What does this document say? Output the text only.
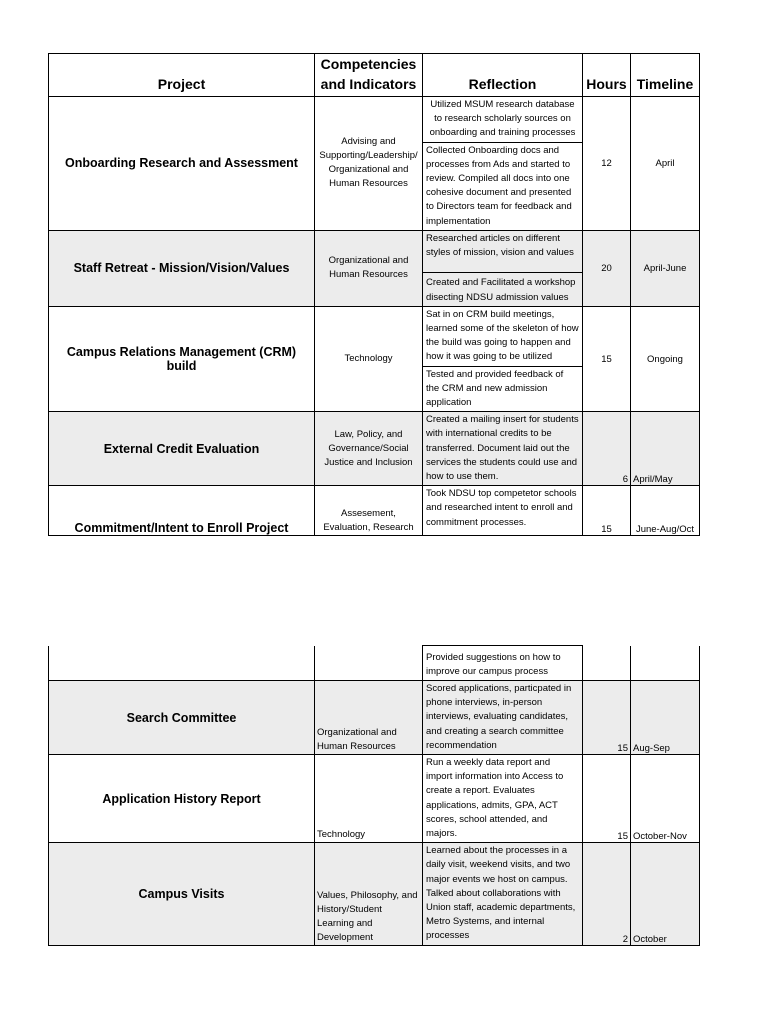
Project	Competencies and Indicators	Reflection	Hours	Timeline
Onboarding Research and Assessment	Advising and Supporting/Leadership/ Organizational and Human Resources	Utilized MSUM research database to research scholarly sources on onboarding and training processes	12	April
		Collected Onboarding docs and processes from Ads and started to review. Compiled all docs into one cohesive document and presented to Directors team for feedback and implementation		
Staff Retreat - Mission/Vision/Values	Organizational and Human Resources	Researched articles on different styles of mission, vision and values	20	April-June
		Created and Facilitated a workshop disecting NDSU admission values		
Campus Relations Management (CRM) build	Technology	Sat in on CRM build meetings, learned some of the skeleton of how the build was going to happen and how it was going to be utilized	15	Ongoing
		Tested and provided feedback of the CRM and new admission application		
External Credit Evaluation	Law, Policy, and Governance/Social Justice and Inclusion	Created a mailing insert for students with international credits to be transferred. Document laid out the services the students could use and how to use them.	6	April/May
Commitment/Intent to Enroll Project	Assesement, Evaluation, Research	Took NDSU top competetor schools and researched intent to enroll and commitment processes.	15	June-Aug/Oct
		Provided suggestions on how to improve our campus process		
Search Committee	Organizational and Human Resources	Scored applications, particpated in phone interviews, in-person interviews, evaluating candidates, and creating a search committee recommendation	15	Aug-Sep
Application History Report	Technology	Run a weekly data report and import information into Access to create a report. Evaluates applications, admits, GPA, ACT scores, school attended, and majors.	15	October-Nov
Campus Visits	Values, Philosophy, and History/Student Learning and Development	Learned about the processes in a daily visit, weekend visits, and two major events we host on campus. Talked about collaborations with Union staff, academic departments, Metro Systems, and internal processes	2	October
